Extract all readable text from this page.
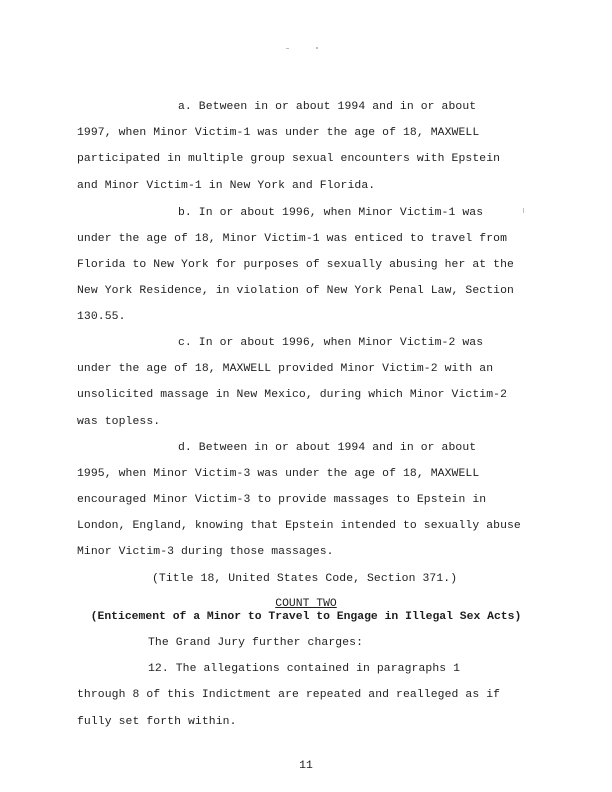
a. Between in or about 1994 and in or about
1997, when Minor Victim-1 was under the age of 18, MAXWELL
participated in multiple group sexual encounters with Epstein
and Minor Victim-1 in New York and Florida.
b. In or about 1996, when Minor Victim-1 was
under the age of 18, Minor Victim-1 was enticed to travel from
Florida to New York for purposes of sexually abusing her at the
New York Residence, in violation of New York Penal Law, Section
130.55.
c. In or about 1996, when Minor Victim-2 was
under the age of 18, MAXWELL provided Minor Victim-2 with an
unsolicited massage in New Mexico, during which Minor Victim-2
was topless.
d. Between in or about 1994 and in or about
1995, when Minor Victim-3 was under the age of 18, MAXWELL
encouraged Minor Victim-3 to provide massages to Epstein in
London, England, knowing that Epstein intended to sexually abuse
Minor Victim-3 during those massages.
(Title 18, United States Code, Section 371.)
COUNT TWO
(Enticement of a Minor to Travel to Engage in Illegal Sex Acts)
The Grand Jury further charges:
12. The allegations contained in paragraphs 1
through 8 of this Indictment are repeated and realleged as if
fully set forth within.
11
